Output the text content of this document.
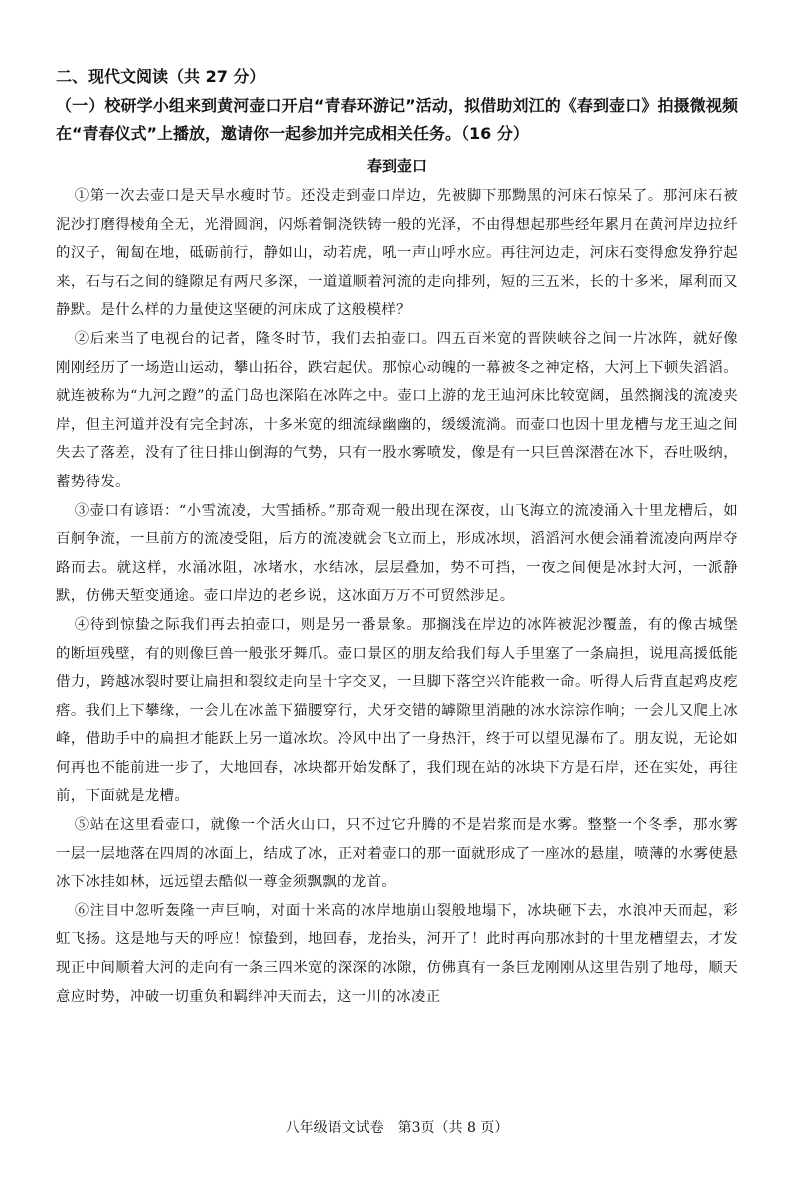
二、现代文阅读（共 27 分）

（一）校研学小组来到黄河壶口开启“青春环游记”活动，拟借助刘江的《春到壶口》拍摄微视频在“青春仪式”上播放，邀请你一起参加并完成相关任务。（16 分）

春到壶口

①第一次去壶口是天旱水瘦时节。还没走到壶口岸边，先被脚下那黝黑的河床石惊呆了。那河床石被泥沙打磨得棱角全无，光滑圆润，闪烁着铜浇铁铸一般的光泽，不由得想起那些经年累月在黄河岸边拉纤的汉子，匍匐在地，砥砺前行，静如山，动若虎，吼一声山呼水应。再往河边走，河床石变得愈发狰狞起来，石与石之间的缝隙足有两尺多深，一道道顺着河流的走向排列，短的三五米，长的十多米，犀利而又静默。是什么样的力量使这坚硬的河床成了这般模样？

②后来当了电视台的记者，隆冬时节，我们去拍壶口。四五百米宽的晋陕峡谷之间一片冰阵，就好像刚刚经历了一场造山运动，攀山拓谷，跌宕起伏。那惊心动魄的一幕被冬之神定格，大河上下顿失滔滔。就连被称为“九河之蹬”的孟门岛也深陷在冰阵之中。壶口上游的龙王辿河床比较宽阔，虽然搁浅的流凌夹岸，但主河道并没有完全封冻，十多米宽的细流绿幽幽的，缓缓流淌。而壶口也因十里龙槽与龙王辿之间失去了落差，没有了往日排山倒海的气势，只有一股水雾喷发，像是有一只巨兽深潜在冰下，吞吐吸纳，蓄势待发。

③壶口有谚语：“小雪流凌，大雪插桥。”那奇观一般出现在深夜，山飞海立的流凌涌入十里龙槽后，如百舸争流，一旦前方的流凌受阻，后方的流凌就会飞立而上，形成冰坝，滔滔河水便会涌着流凌向两岸夺路而去。就这样，水涌冰阻，冰堵水，水结冰，层层叠加，势不可挡，一夜之间便是冰封大河，一派静默，仿佛天堑变通途。壶口岸边的老乡说，这冰面万万不可贸然涉足。

④待到惊蛰之际我们再去拍壶口，则是另一番景象。那搁浅在岸边的冰阵被泥沙覆盖，有的像古城堡的断垣残壁，有的则像巨兽一般张牙舞爪。壶口景区的朋友给我们每人手里塞了一条扁担，说甩高援低能借力，跨越冰裂时要让扁担和裂纹走向呈十字交叉，一旦脚下落空兴许能救一命。听得人后背直起鸡皮疙瘩。我们上下攀缘，一会儿在冰盖下猫腰穿行，犬牙交错的罅隙里消融的冰水淙淙作响；一会儿又爬上冰峰，借助手中的扁担才能跃上另一道冰坎。冷风中出了一身热汗，终于可以望见瀑布了。朋友说，无论如何再也不能前进一步了，大地回春，冰块都开始发酥了，我们现在站的冰块下方是石岸，还在实处，再往前，下面就是龙槽。

⑤站在这里看壶口，就像一个活火山口，只不过它升腾的不是岩浆而是水雾。整整一个冬季，那水雾一层一层地落在四周的冰面上，结成了冰，正对着壶口的那一面就形成了一座冰的悬崖，喷薄的水雾使悬冰下冰挂如林，远远望去酷似一尊金须飘飘的龙首。

⑥注目中忽听轰隆一声巨响，对面十米高的冰岸地崩山裂般地塌下，冰块砸下去，水浪冲天而起，彩虹飞扬。这是地与天的呼应！惊蛰到，地回春，龙抬头，河开了！此时再向那冰封的十里龙槽望去，才发现正中间顺着大河的走向有一条三四米宽的深深的冰隙，仿佛真有一条巨龙刚刚从这里告别了地母，顺天意应时势，冲破一切重负和羁绊冲天而去，这一川的冰凌正

八年级语文试卷　第3页（共 8 页）
